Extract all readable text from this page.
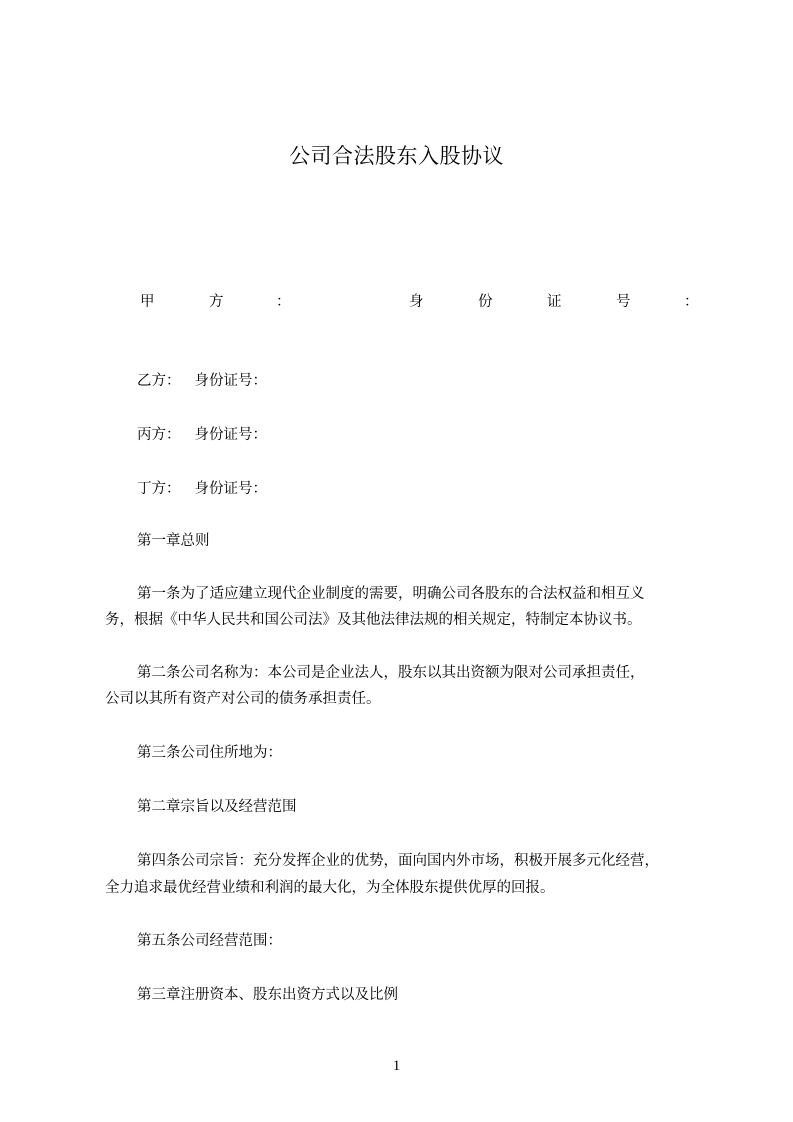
公司合法股东入股协议
甲	方	：	身	份	证	号	：

乙方： 身份证号：

丙方： 身份证号：

丁方： 身份证号：

第一章总则

第一条为了适应建立现代企业制度的需要，明确公司各股东的合法权益和相互义

务，根据《中华人民共和国公司法》及其他法律法规的相关规定，特制定本协议书。

第二条公司名称为：本公司是企业法人，股东以其出资额为限对公司承担责任，

公司以其所有资产对公司的债务承担责任。

第三条公司住所地为：

第二章宗旨以及经营范围

第四条公司宗旨：充分发挥企业的优势，面向国内外市场，积极开展多元化经营，

全力追求最优经营业绩和利润的最大化，为全体股东提供优厚的回报。

第五条公司经营范围：

第三章注册资本、股东出资方式以及比例

1
